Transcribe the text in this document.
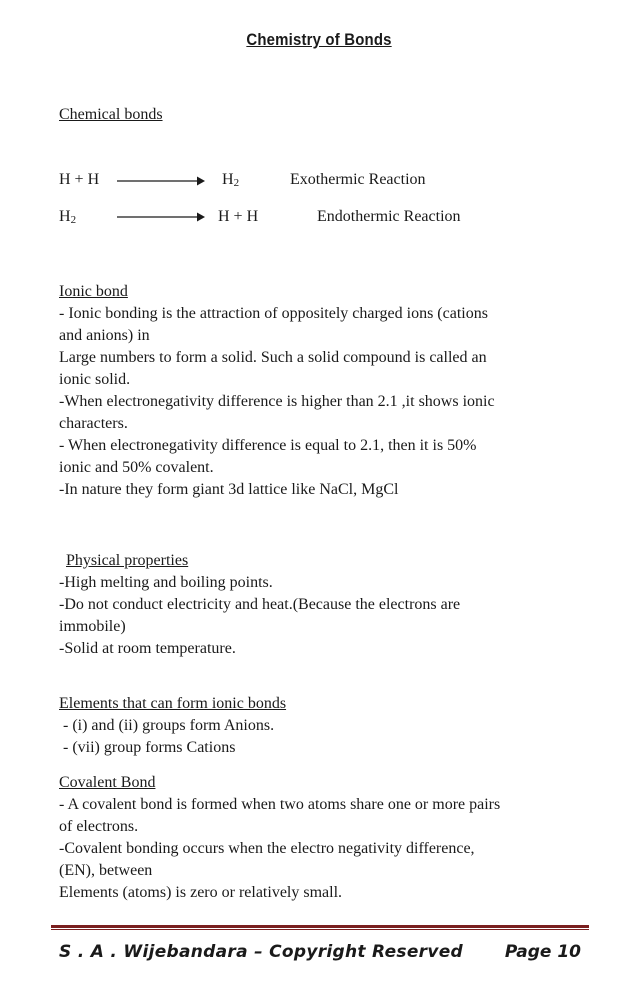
Chemistry of Bonds
Chemical bonds
H + H	$H_2$	Exothermic Reaction
$H_2$	H + H	Endothermic Reaction
Ionic bond
- Ionic bonding is the attraction of oppositely charged ions (cations
and anions) in
Large numbers to form a solid. Such a solid compound is called an
ionic solid.
-When electronegativity difference is higher than 2.1 ,it shows ionic
characters.
- When electronegativity difference is equal to 2.1, then it is 50%
ionic and 50% covalent.
-In nature they form giant 3d lattice like NaCl, MgCl
Physical properties
-High melting and boiling points.
-Do not conduct electricity and heat.(Because the electrons are
immobile)
-Solid at room temperature.
Elements that can form ionic bonds
- (i) and (ii) groups form Anions.
- (vii) group forms Cations
Covalent Bond
- A covalent bond is formed when two atoms share one or more pairs
of electrons.
-Covalent bonding occurs when the electro negativity difference,
(EN), between
Elements (atoms) is zero or relatively small.
S . A . Wijebandara – Copyright Reserved Page 10
